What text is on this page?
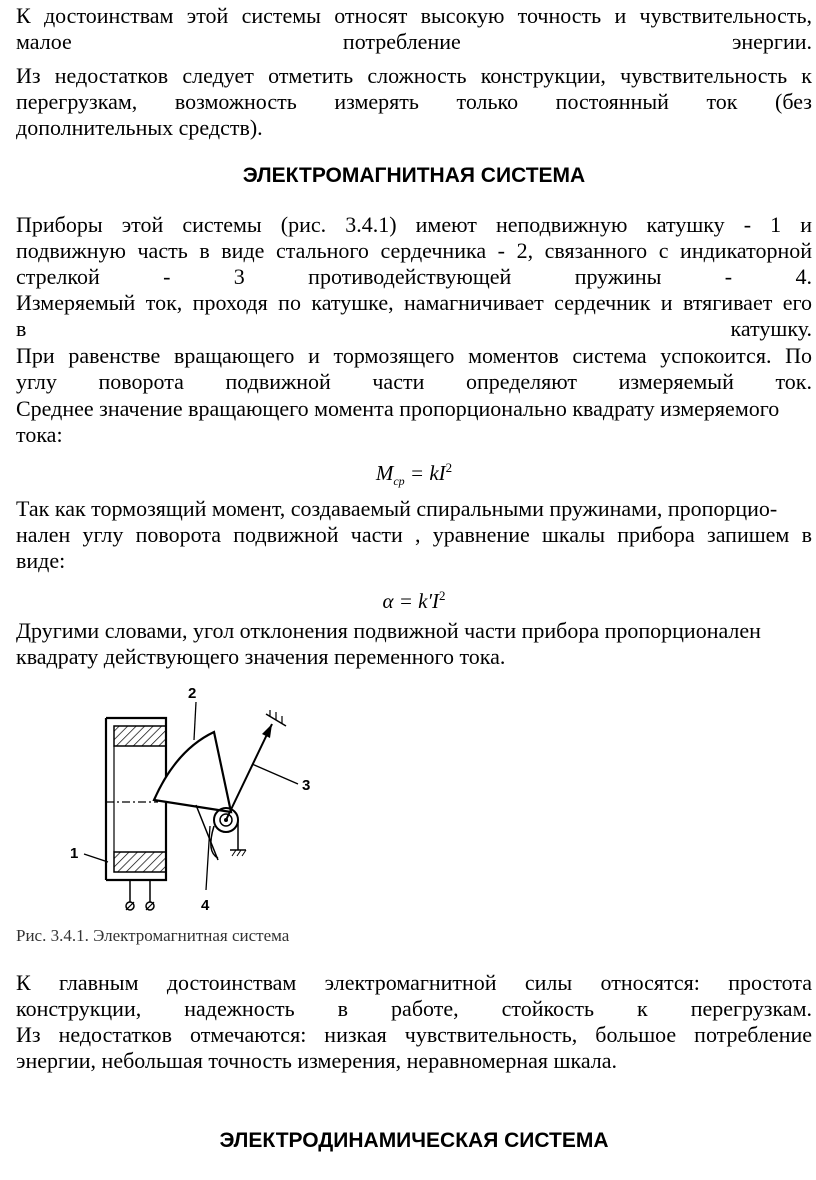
К достоинствам этой системы относят высокую точность и чувствительность,
малое потребление энергии.
Из недостатков следует отметить сложность конструкции, чувствительность к
перегрузкам, возможность измерять только постоянный ток (без
дополнительных средств).
ЭЛЕКТРОМАГНИТНАЯ СИСТЕМА
Приборы этой системы (рис. 3.4.1) имеют неподвижную катушку - 1 и
подвижную часть в виде стального сердечника - 2, связанного с индикаторной
стрелкой - 3 противодействующей пружины - 4.
Измеряемый ток, проходя по катушке, намагничивает сердечник и втягивает его
в катушку.
При равенстве вращающего и тормозящего моментов система успокоится. По
углу поворота подвижной части определяют измеряемый ток.
Среднее значение вращающего момента пропорционально квадрату измеряемого
тока:
$M_{cp} = kI^2$
Так как тормозящий момент, создаваемый спиральными пружинами, пропорцио-
нален углу поворота подвижной части , уравнение шкалы прибора запишем в
виде:
$\alpha = k'I^2$
Другими словами, угол отклонения подвижной части прибора пропорционален
квадрату действующего значения переменного тока.
2
3
1
4
Рис. 3.4.1. Электромагнитная система
К главным достоинствам электромагнитной силы относятся: простота
конструкции, надежность в работе, стойкость к перегрузкам.
Из недостатков отмечаются: низкая чувствительность, большое потребление
энергии, небольшая точность измерения, неравномерная шкала.
ЭЛЕКТРОДИНАМИЧЕСКАЯ СИСТЕМА
